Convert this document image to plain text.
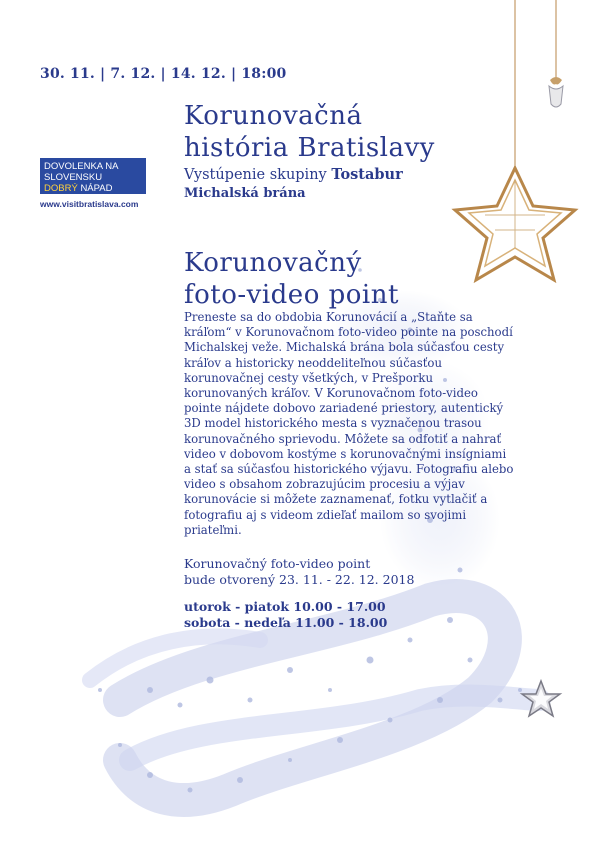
30. 11. | 7. 12. | 14. 12. | 18:00
Korunovačná
história Bratislavy
Vystúpenie skupiny Tostabur
Michalská brána
DOVOLENKA NA
SLOVENSKU
DOBRÝ NÁPAD
www.visitbratislava.com
Korunovačný
foto-video point
Preneste sa do obdobia Korunovácií a „Staňte sa kráľom“ v Korunovačnom foto-video pointe na poschodí Michalskej veže. Michalská brána bola súčasťou cesty kráľov a historicky neoddeliteľnou súčasťou korunovačnej cesty všetkých, v Prešporku korunovaných kráľov. V Korunovačnom foto-video pointe nájdete dobovo zariadené priestory, autentický 3D model historického mesta s vyznačenou trasou korunovačného sprievodu. Môžete sa odfotiť a nahrať video v dobovom kostýme s korunovačnými insígniami a stať sa súčasťou historického výjavu. Fotografiu alebo video s obsahom zobrazujúcim procesiu a výjav korunovácie si môžete zaznamenať, fotku vytlačiť a fotografiu aj s videom zdieľať mailom so svojimi priateľmi.
Korunovačný foto-video point
bude otvorený 23. 11. - 22. 12. 2018
utorok - piatok 10.00 - 17.00
sobota - nedeľa 11.00 - 18.00
